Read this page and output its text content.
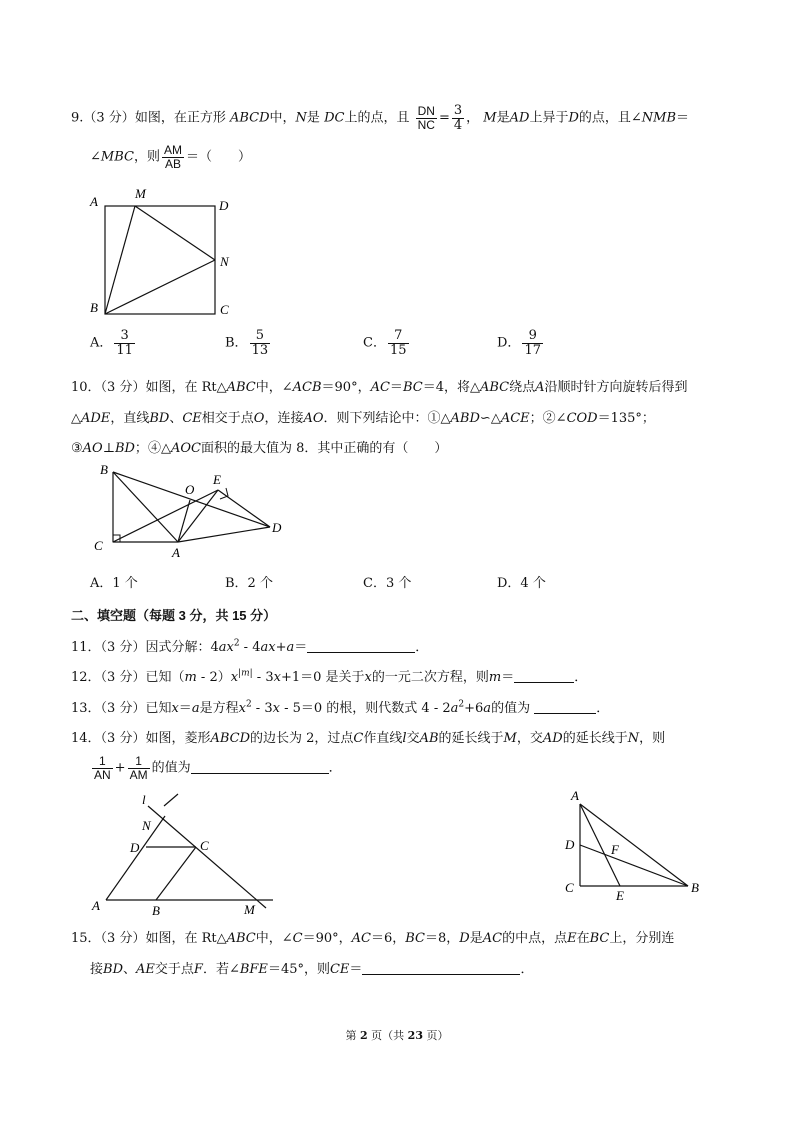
9.（3 分）如图，在正方形 ABCD中，N是 DC上的点，且 $\frac{DN}{NC} = \frac{3}{4}$ ， M是AD上异于D的点，且∠NMB＝
∠MBC，则 $\frac{AM}{AB}$ ＝（　　）
A
M
D
N
B	C
A． $\frac{3}{11}$	B． $\frac{5}{13}$	C． $\frac{7}{15}$	D． $\frac{9}{17}$
10．（3 分）如图，在 Rt△ABC中，∠ACB＝90°，AC＝BC＝4，将△ABC绕点A沿顺时针方向旋转后得到
△ADE，直线BD、CE相交于点O，连接AO．则下列结论中：①△ABD∽△ACE；②∠COD＝135°；
③AO⊥BD；④△AOC面积的最大值为 8．其中正确的有（　　）
B
O
E
D
C	A
A．1 个	B．2 个	C．3 个	D．4 个
二、填空题（每题 3 分，共 15 分）
11．（3 分）因式分解：$4ax^2 - 4ax+a=$	．
12．（3 分）已知$(m - 2)x^{|m|} - 3x+1=0$ 是关于x的一元二次方程，则m＝	．
13．（3 分）已知x＝a是方程$x^2 - 3x - 5=0$ 的根，则代数式 $4 - 2a^2+6a$的值为	．
14．（3 分）如图，菱形ABCD的边长为 2，过点C作直线l交AB的延长线于M，交AD的延长线于N，则
$\frac{1}{AN} + \frac{1}{AM}$ 的值为	．
l
N
D	C
A	B	M
A
D	F
C
E
B
15．（3 分）如图，在 Rt△ABC中，∠C＝90°，AC＝6，BC＝8，D是AC的中点，点E在BC上，分别连
接BD、AE交于点F．若∠BFE＝45°，则CE＝	．
第 2 页（共 23 页）
